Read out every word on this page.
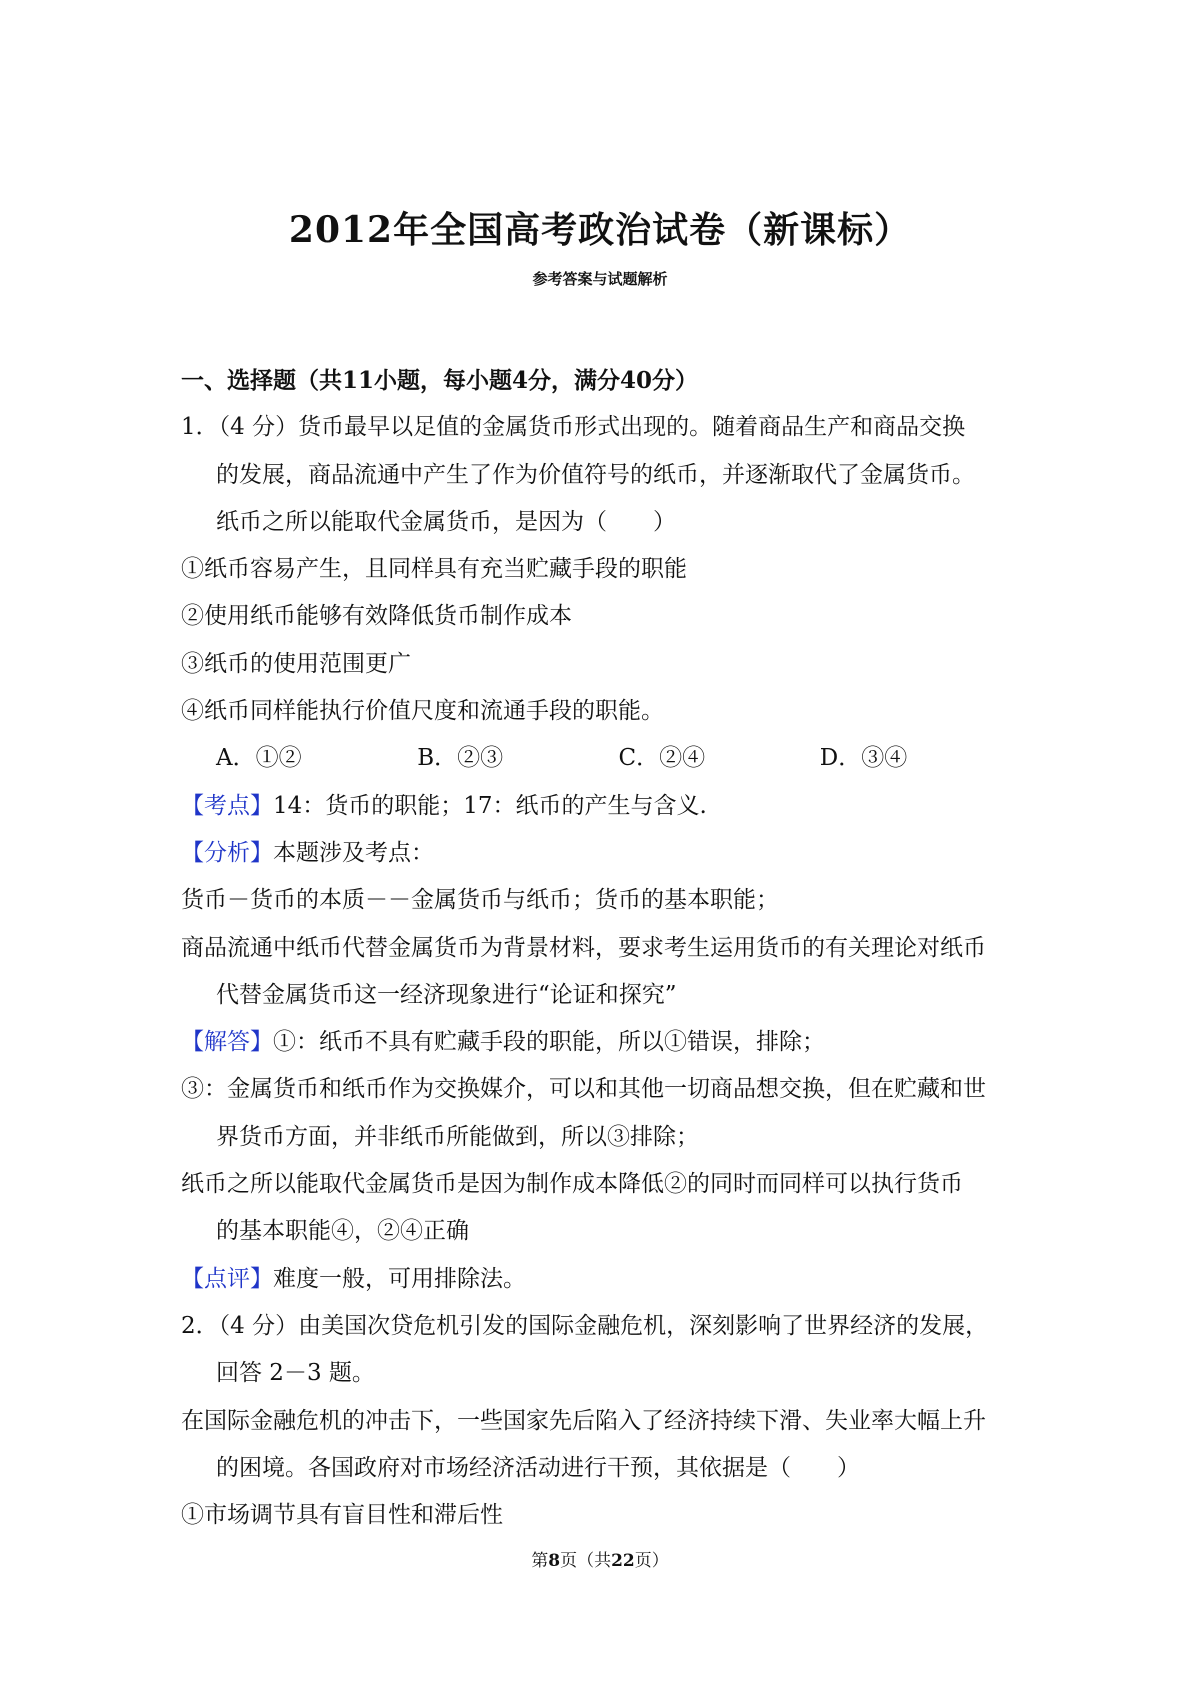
2012年全国高考政治试卷（新课标）
参考答案与试题解析
一、选择题（共11小题，每小题4分，满分40分）
1．（4 分）货币最早以足值的金属货币形式出现的。随着商品生产和商品交换
的发展，商品流通中产生了作为价值符号的纸币，并逐渐取代了金属货币。
纸币之所以能取代金属货币，是因为（　　）
①纸币容易产生，且同样具有充当贮藏手段的职能
②使用纸币能够有效降低货币制作成本
③纸币的使用范围更广
④纸币同样能执行价值尺度和流通手段的职能。
A．①②	B．②③	C．②④	D．③④
【考点】14：货币的职能；17：纸币的产生与含义.
【分析】本题涉及考点：
货币－货币的本质－－金属货币与纸币；货币的基本职能；
商品流通中纸币代替金属货币为背景材料，要求考生运用货币的有关理论对纸币
代替金属货币这一经济现象进行“论证和探究”
【解答】①：纸币不具有贮藏手段的职能，所以①错误，排除；
③：金属货币和纸币作为交换媒介，可以和其他一切商品想交换，但在贮藏和世
界货币方面，并非纸币所能做到，所以③排除；
纸币之所以能取代金属货币是因为制作成本降低②的同时而同样可以执行货币
的基本职能④，②④正确
【点评】难度一般，可用排除法。
2．（4 分）由美国次贷危机引发的国际金融危机，深刻影响了世界经济的发展，
回答 2－3 题。
在国际金融危机的冲击下，一些国家先后陷入了经济持续下滑、失业率大幅上升
的困境。各国政府对市场经济活动进行干预，其依据是（　　）
①市场调节具有盲目性和滞后性
第8页（共22页）
